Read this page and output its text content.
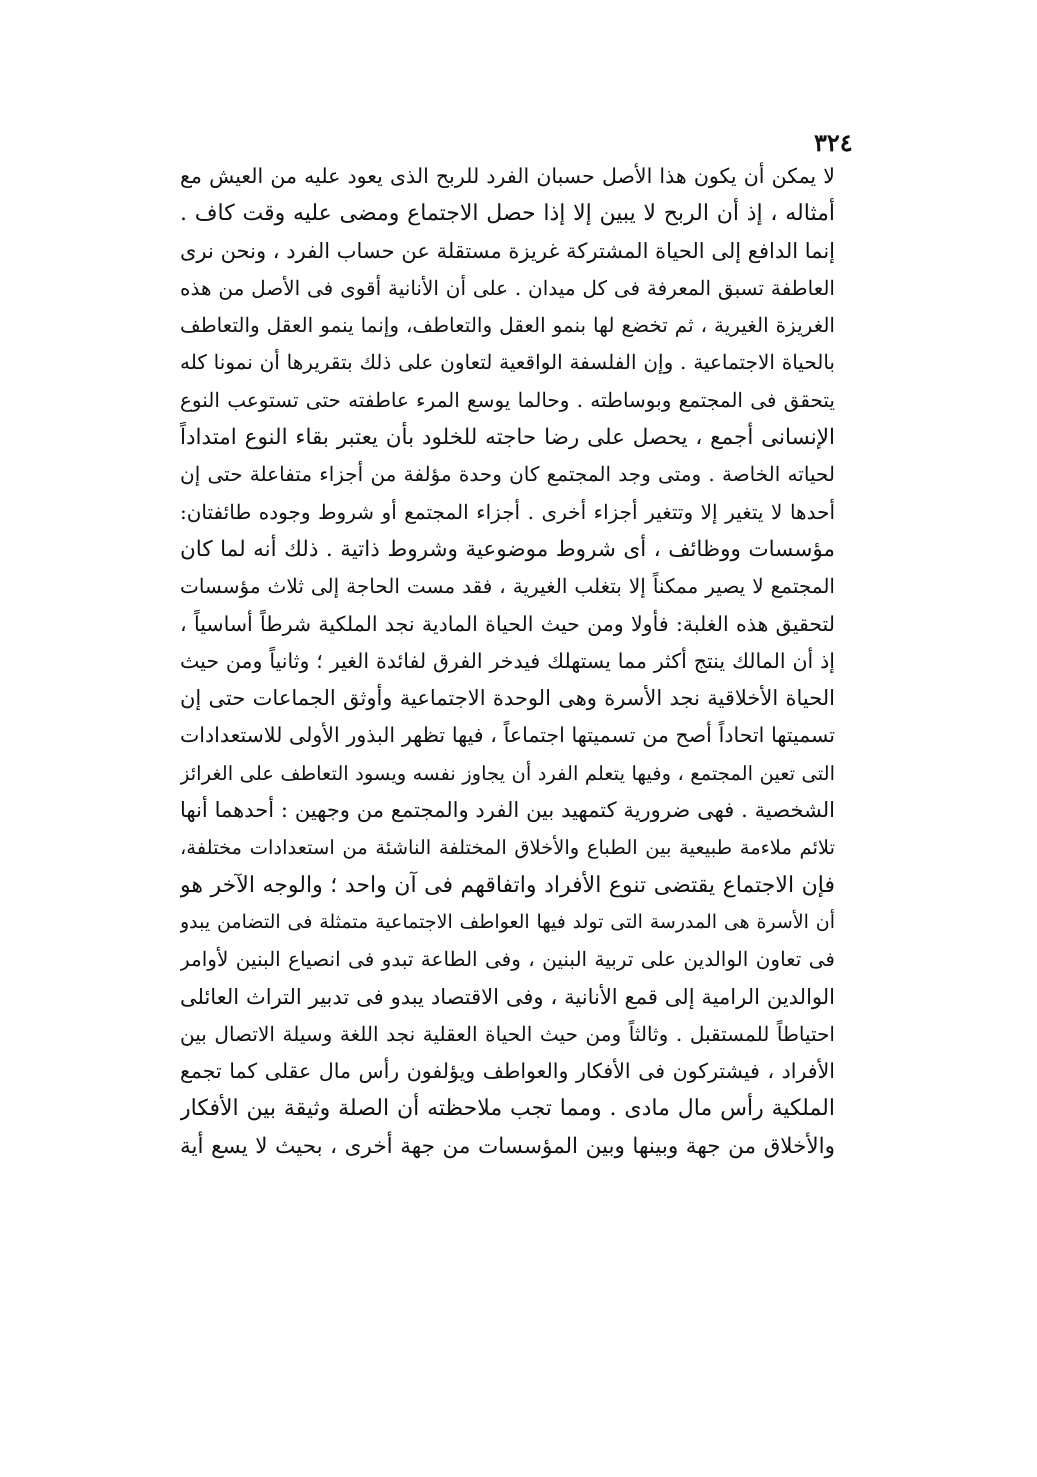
٣٢٤
لا يمكن أن يكون هذا الأصل حسبان الفرد للربح الذى يعود عليه من العيش مع
أمثاله ، إذ أن الربح لا يبين إلا إذا حصل الاجتماع ومضى عليه وقت كاف .
إنما الدافع إلى الحياة المشتركة غريزة مستقلة عن حساب الفرد ، ونحن نرى
العاطفة تسبق المعرفة فى كل ميدان . على أن الأنانية أقوى فى الأصل من هذه
الغريزة الغيرية ، ثم تخضع لها بنمو العقل والتعاطف، وإنما ينمو العقل والتعاطف
بالحياة الاجتماعية . وإن الفلسفة الواقعية لتعاون على ذلك بتقريرها أن نمونا كله
يتحقق فى المجتمع وبوساطته . وحالما يوسع المرء عاطفته حتى تستوعب النوع
الإنسانى أجمع ، يحصل على رضا حاجته للخلود بأن يعتبر بقاء النوع امتداداً
لحياته الخاصة . ومتى وجد المجتمع كان وحدة مؤلفة من أجزاء متفاعلة حتى إن
أحدها لا يتغير إلا وتتغير أجزاء أخرى . أجزاء المجتمع أو شروط وجوده طائفتان:
مؤسسات ووظائف ، أى شروط موضوعية وشروط ذاتية . ذلك أنه لما كان
المجتمع لا يصير ممكناً إلا بتغلب الغيرية ، فقد مست الحاجة إلى ثلاث مؤسسات
لتحقيق هذه الغلبة: فأولا ومن حيث الحياة المادية نجد الملكية شرطاً أساسياً ،
إذ أن المالك ينتج أكثر مما يستهلك فيدخر الفرق لفائدة الغير ؛ وثانياً ومن حيث
الحياة الأخلاقية نجد الأسرة وهى الوحدة الاجتماعية وأوثق الجماعات حتى إن
تسميتها اتحاداً أصح من تسميتها اجتماعاً ، فيها تظهر البذور الأولى للاستعدادات
التى تعين المجتمع ، وفيها يتعلم الفرد أن يجاوز نفسه ويسود التعاطف على الغرائز
الشخصية . فهى ضرورية كتمهيد بين الفرد والمجتمع من وجهين : أحدهما أنها
تلائم ملاءمة طبيعية بين الطباع والأخلاق المختلفة الناشئة من استعدادات مختلفة،
فإن الاجتماع يقتضى تنوع الأفراد واتفاقهم فى آن واحد ؛ والوجه الآخر هو
أن الأسرة هى المدرسة التى تولد فيها العواطف الاجتماعية متمثلة فى التضامن يبدو
فى تعاون الوالدين على تربية البنين ، وفى الطاعة تبدو فى انصياع البنين لأوامر
الوالدين الرامية إلى قمع الأنانية ، وفى الاقتصاد يبدو فى تدبير التراث العائلى
احتياطاً للمستقبل . وثالثاً ومن حيث الحياة العقلية نجد اللغة وسيلة الاتصال بين
الأفراد ، فيشتركون فى الأفكار والعواطف ويؤلفون رأس مال عقلى كما تجمع
الملكية رأس مال مادى . ومما تجب ملاحظته أن الصلة وثيقة بين الأفكار
والأخلاق من جهة وبينها وبين المؤسسات من جهة أخرى ، بحيث لا يسع أية
